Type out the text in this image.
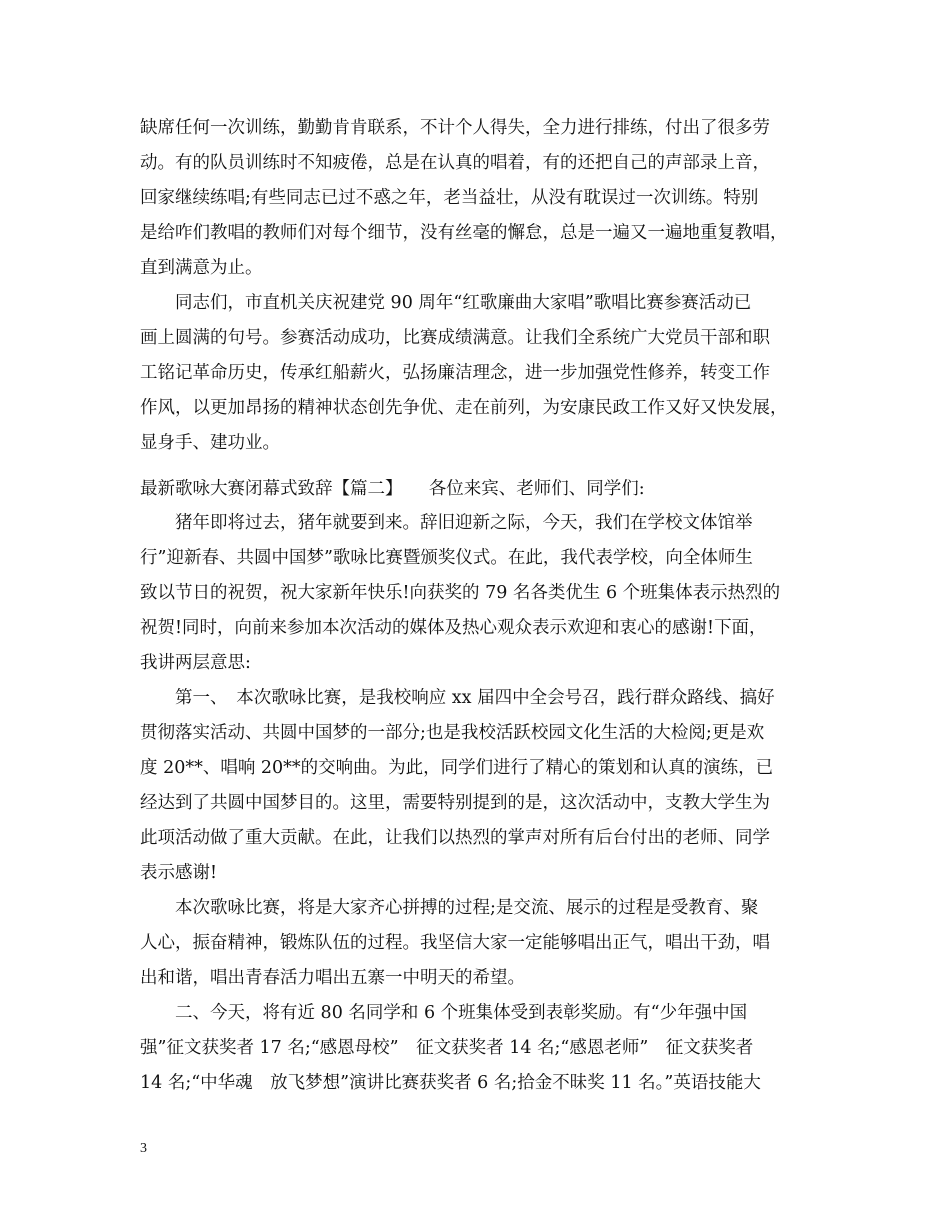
缺席任何一次训练，勤勤肯肯联系，不计个人得失，全力进行排练，付出了很多劳
动。有的队员训练时不知疲倦，总是在认真的唱着，有的还把自己的声部录上音，
回家继续练唱;有些同志已过不惑之年，老当益壮，从没有耽误过一次训练。特别
是给咋们教唱的教师们对每个细节，没有丝毫的懈怠，总是一遍又一遍地重复教唱，
直到满意为止。
同志们，市直机关庆祝建党 90 周年“红歌廉曲大家唱”歌唱比赛参赛活动已
画上圆满的句号。参赛活动成功，比赛成绩满意。让我们全系统广大党员干部和职
工铭记革命历史，传承红船薪火，弘扬廉洁理念，进一步加强党性修养，转变工作
作风，以更加昂扬的精神状态创先争优、走在前列，为安康民政工作又好又快发展，
显身手、建功业。
最新歌咏大赛闭幕式致辞【篇二】　　各位来宾、老师们、同学们:
猪年即将过去，猪年就要到来。辞旧迎新之际，今天，我们在学校文体馆举
行”迎新春、共圆中国梦”歌咏比赛暨颁奖仪式。在此，我代表学校，向全体师生
致以节日的祝贺，祝大家新年快乐!向获奖的 79 名各类优生 6 个班集体表示热烈的
祝贺!同时，向前来参加本次活动的媒体及热心观众表示欢迎和衷心的感谢!下面，
我讲两层意思:
第一、　本次歌咏比赛，是我校响应 xx 届四中全会号召，践行群众路线、搞好
贯彻落实活动、共圆中国梦的一部分;也是我校活跃校园文化生活的大检阅;更是欢
度 20**、唱响 20**的交响曲。为此，同学们进行了精心的策划和认真的演练，已
经达到了共圆中国梦目的。这里，需要特别提到的是，这次活动中，支教大学生为
此项活动做了重大贡献。在此，让我们以热烈的掌声对所有后台付出的老师、同学
表示感谢!
本次歌咏比赛，将是大家齐心拼搏的过程;是交流、展示的过程是受教育、聚
人心，振奋精神，锻炼队伍的过程。我坚信大家一定能够唱出正气，唱出干劲，唱
出和谐，唱出青春活力唱出五寨一中明天的希望。
二、今天，将有近 80 名同学和 6 个班集体受到表彰奖励。有“少年强中国
强”征文获奖者 17 名;“感恩母校”　征文获奖者 14 名;“感恩老师”　征文获奖者
14 名;“中华魂　放飞梦想”演讲比赛获奖者 6 名;拾金不昧奖 11 名。”英语技能大
3
